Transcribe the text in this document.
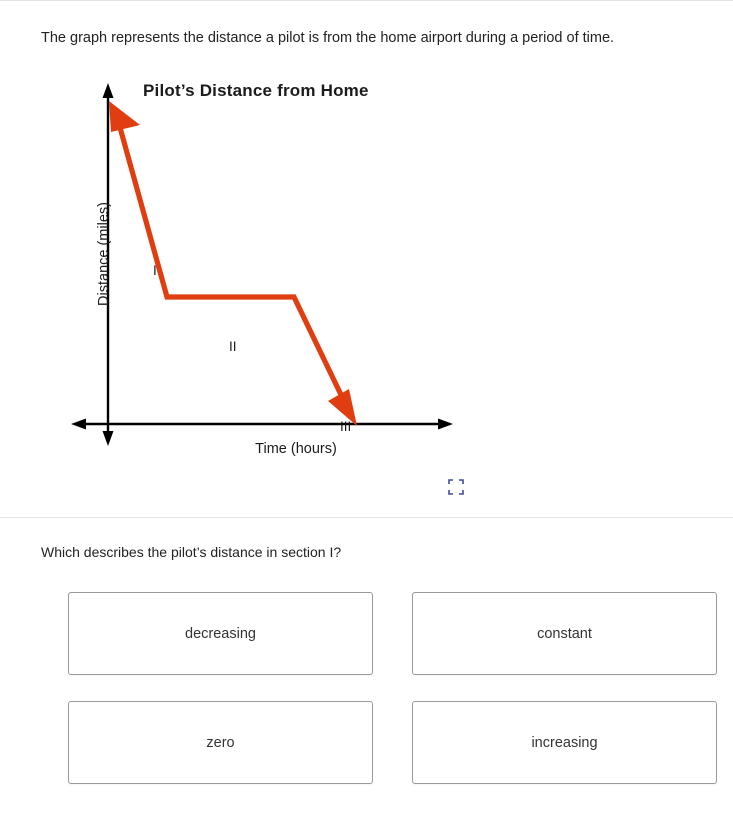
The graph represents the distance a pilot is from the home airport during a period of time.
Pilot’s Distance from Home
Distance (miles)
Time (hours)
I
II
III
Which describes the pilot’s distance in section I?
decreasing	constant
zero	increasing
